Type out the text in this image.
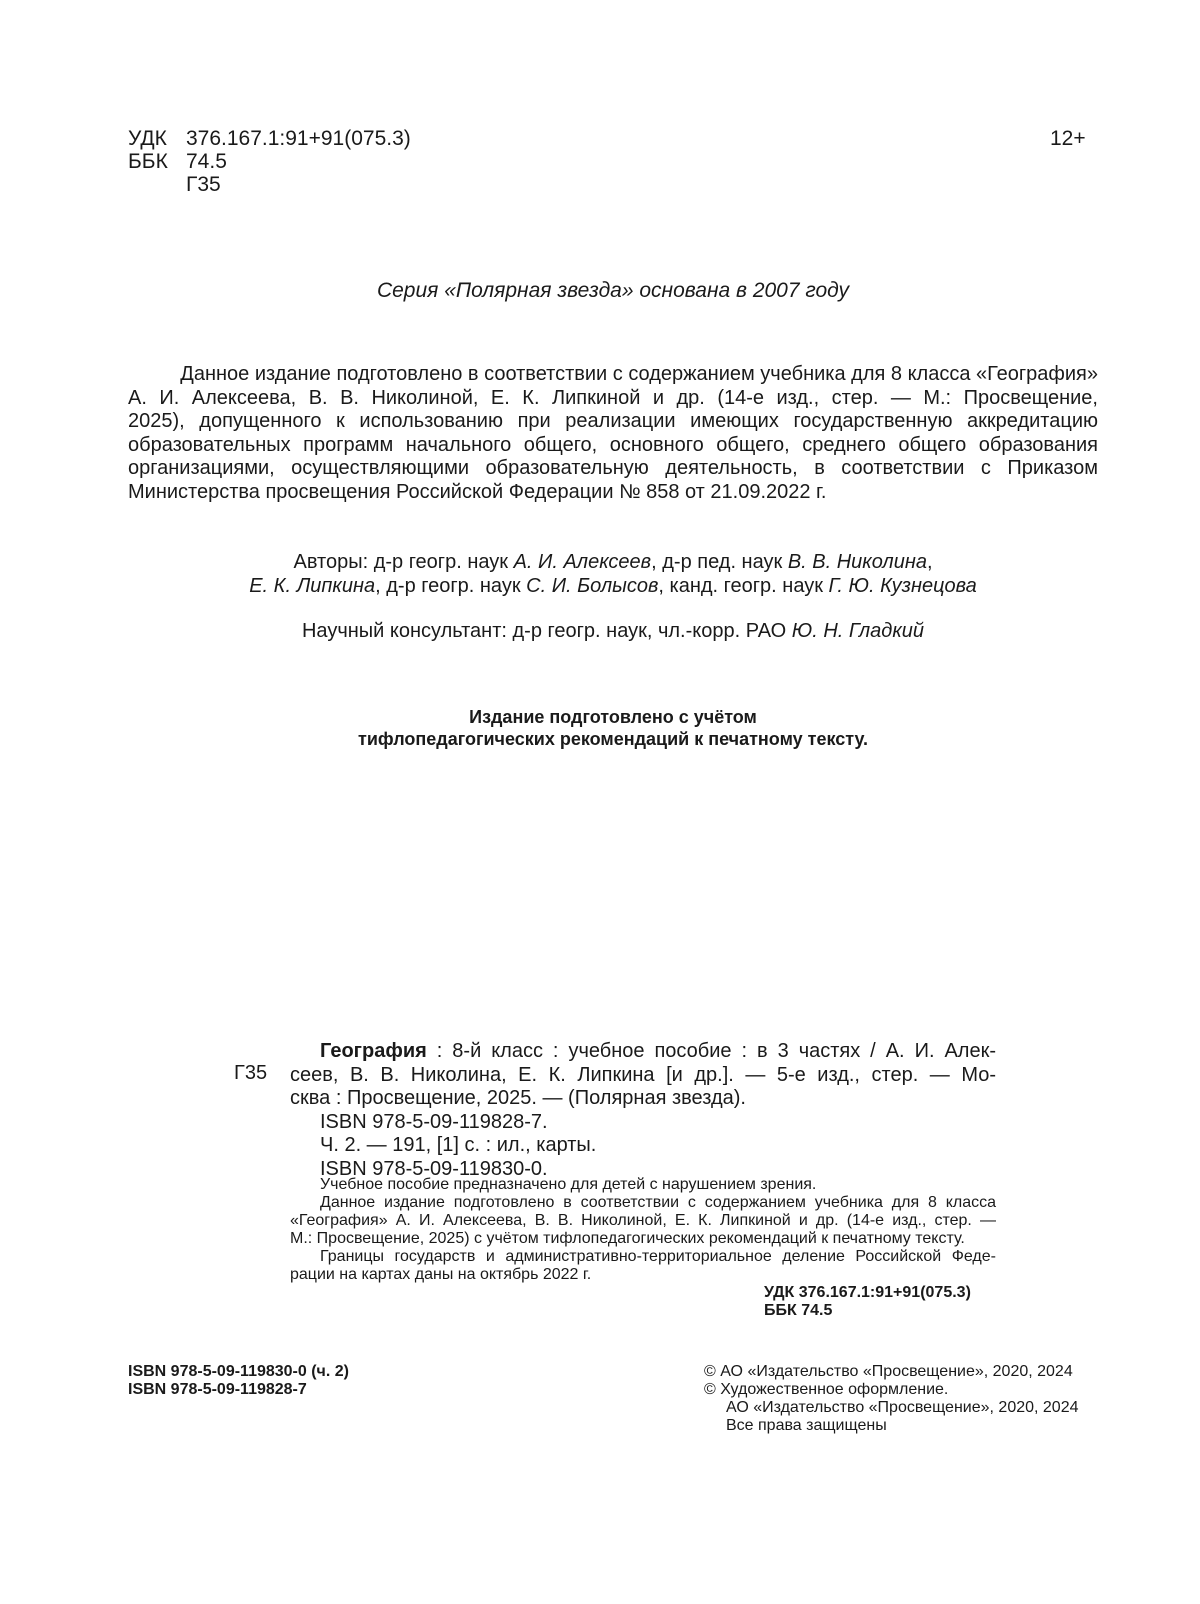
УДК 376.167.1:91+91(075.3)
ББК 74.5
Г35
12+
Серия «Полярная звезда» основана в 2007 году
Данное издание подготовлено в соответствии с содержанием учебника для 8 класса «География»
А. И. Алексеева, В. В. Николиной, Е. К. Липкиной и др. (14-е изд., стер. — М.: Просвещение,
2025), допущенного к использованию при реализации имеющих государственную аккредитацию
образовательных программ начального общего, основного общего, среднего общего образования
организациями, осуществляющими образовательную деятельность, в соответствии с Приказом
Министерства просвещения Российской Федерации № 858 от 21.09.2022 г.
Авторы: д-р геогр. наук А. И. Алексеев, д-р пед. наук В. В. Николина,
Е. К. Липкина, д-р геогр. наук С. И. Болысов, канд. геогр. наук Г. Ю. Кузнецова
Научный консультант: д-р геогр. наук, чл.-корр. РАО Ю. Н. Гладкий
Издание подготовлено с учётом
тифлопедагогических рекомендаций к печатному тексту.
Г35
География : 8-й класс : учебное пособие : в 3 частях / А. И. Алек-
сеев, В. В. Николина, Е. К. Липкина [и др.]. — 5-е изд., стер. — Мо-
сква : Просвещение, 2025. — (Полярная звезда).
ISBN 978-5-09-119828-7.
Ч. 2. — 191, [1] с. : ил., карты.
ISBN 978-5-09-119830-0.
Учебное пособие предназначено для детей с нарушением зрения.
Данное издание подготовлено в соответствии с содержанием учебника для 8 класса
«География» А. И. Алексеева, В. В. Николиной, Е. К. Липкиной и др. (14-е изд., стер. —
М.: Просвещение, 2025) с учётом тифлопедагогических рекомендаций к печатному тексту.
Границы государств и административно-территориальное деление Российской Феде-
рации на картах даны на октябрь 2022 г.
УДК 376.167.1:91+91(075.3)
ББК 74.5
ISBN 978-5-09-119830-0 (ч. 2)
ISBN 978-5-09-119828-7
© АО «Издательство «Просвещение», 2020, 2024
© Художественное оформление.
АО «Издательство «Просвещение», 2020, 2024
Все права защищены
